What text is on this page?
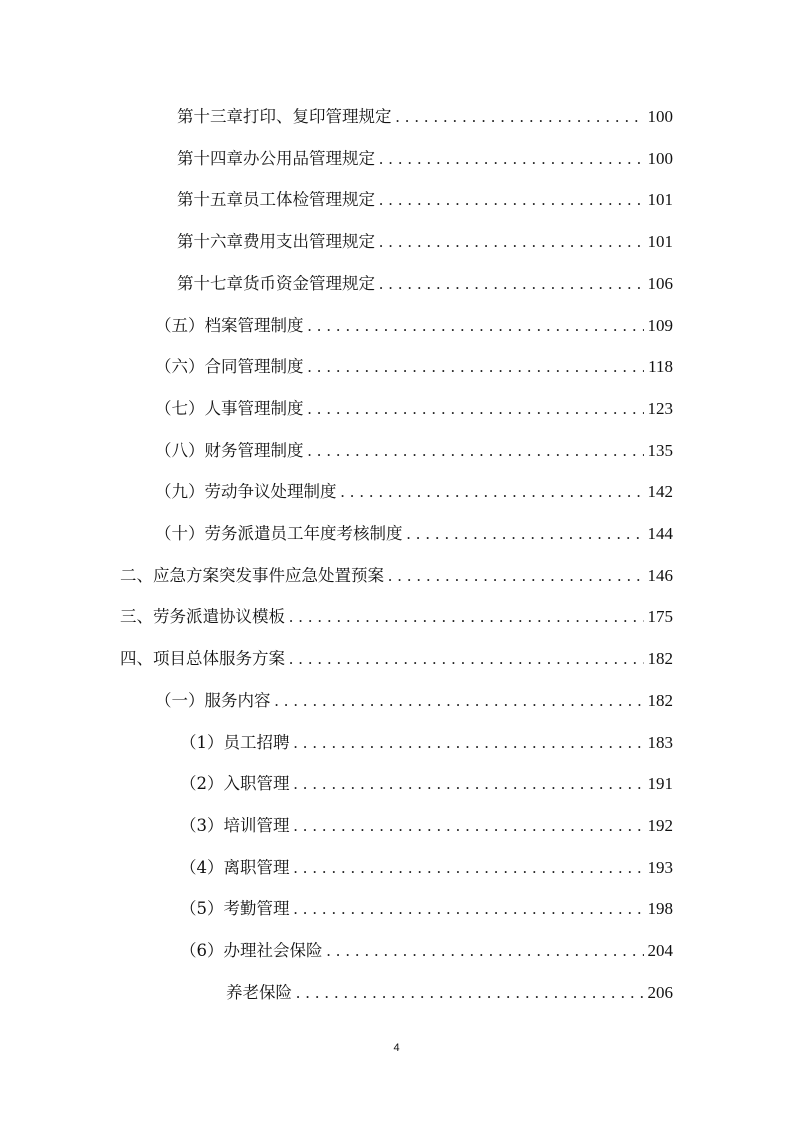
第十三章 打印、复印管理规定 . . .	100
第十四章 办公用品管理规定 . . .	100
第十五章 员工体检管理规定 . . .	101
第十六章 费用支出管理规定 . . .	101
第十七章 货币资金管理规定 . . .	106
（五） 档案管理制度 . . .	109
（六） 合同管理制度 . . .	118
（七） 人事管理制度 . . .	123
（八） 财务管理制度 . . .	135
（九） 劳动争议处理制度 . . .	142
（十） 劳务派遣员工年度考核制度 . . .	144
二、 应急方案突发事件应急处置预案 . . .	146
三、 劳务派遣协议模板 . . .	175
四、 项目总体服务方案 . . .	182
（一） 服务内容 . . .	182
（1） 员工招聘 . . .	183
（2） 入职管理 . . .	191
（3） 培训管理 . . .	192
（4） 离职管理 . . .	193
（5） 考勤管理 . . .	198
（6） 办理社会保险 . . .	204
养老保险 . . .	206
4
